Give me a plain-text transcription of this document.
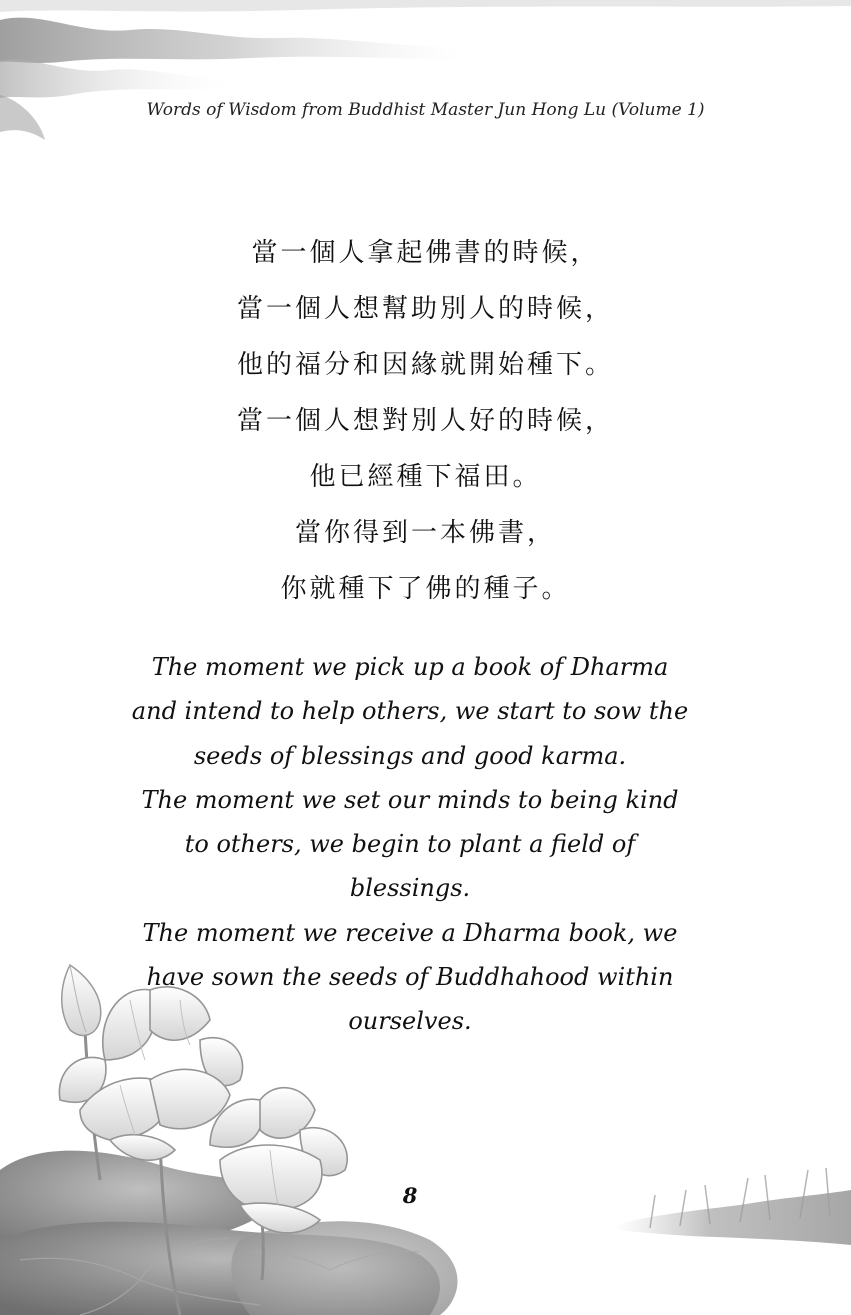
Words of Wisdom from Buddhist Master Jun Hong Lu (Volume 1)
當一個人拿起佛書的時候，
當一個人想幫助別人的時候，
他的福分和因緣就開始種下。
當一個人想對別人好的時候，
他已經種下福田。
當你得到一本佛書，
你就種下了佛的種子。
The moment we pick up a book of Dharma
and intend to help others, we start to sow the
seeds of blessings and good karma.
The moment we set our minds to being kind
to others, we begin to plant a field of
blessings.
The moment we receive a Dharma book, we
have sown the seeds of Buddhahood within
ourselves.
8
